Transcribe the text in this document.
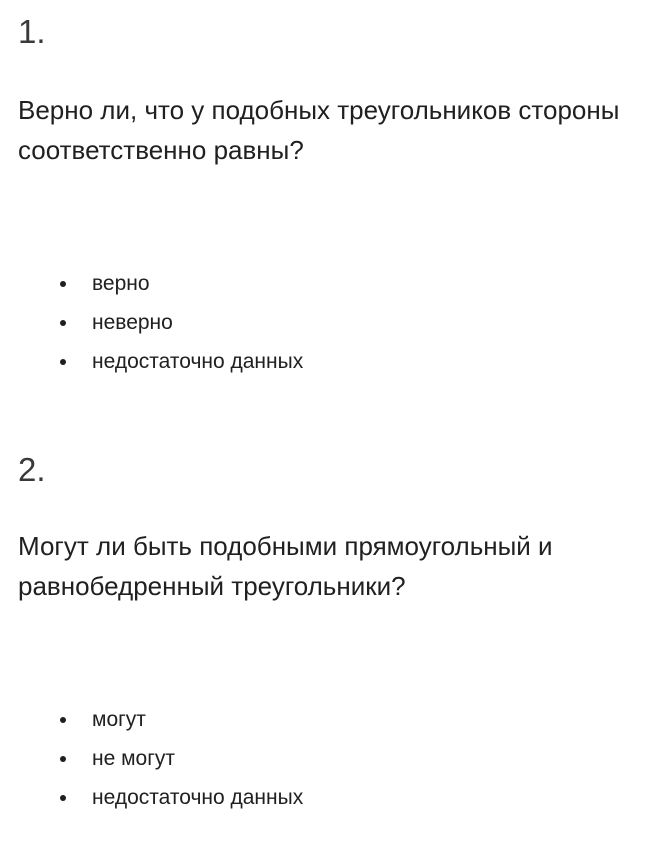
1.
Верно ли, что у подобных треугольников стороны соответственно равны?
верно
неверно
недостаточно данных
2.
Могут ли быть подобными прямоугольный и равнобедренный треугольники?
могут
не могут
недостаточно данных
